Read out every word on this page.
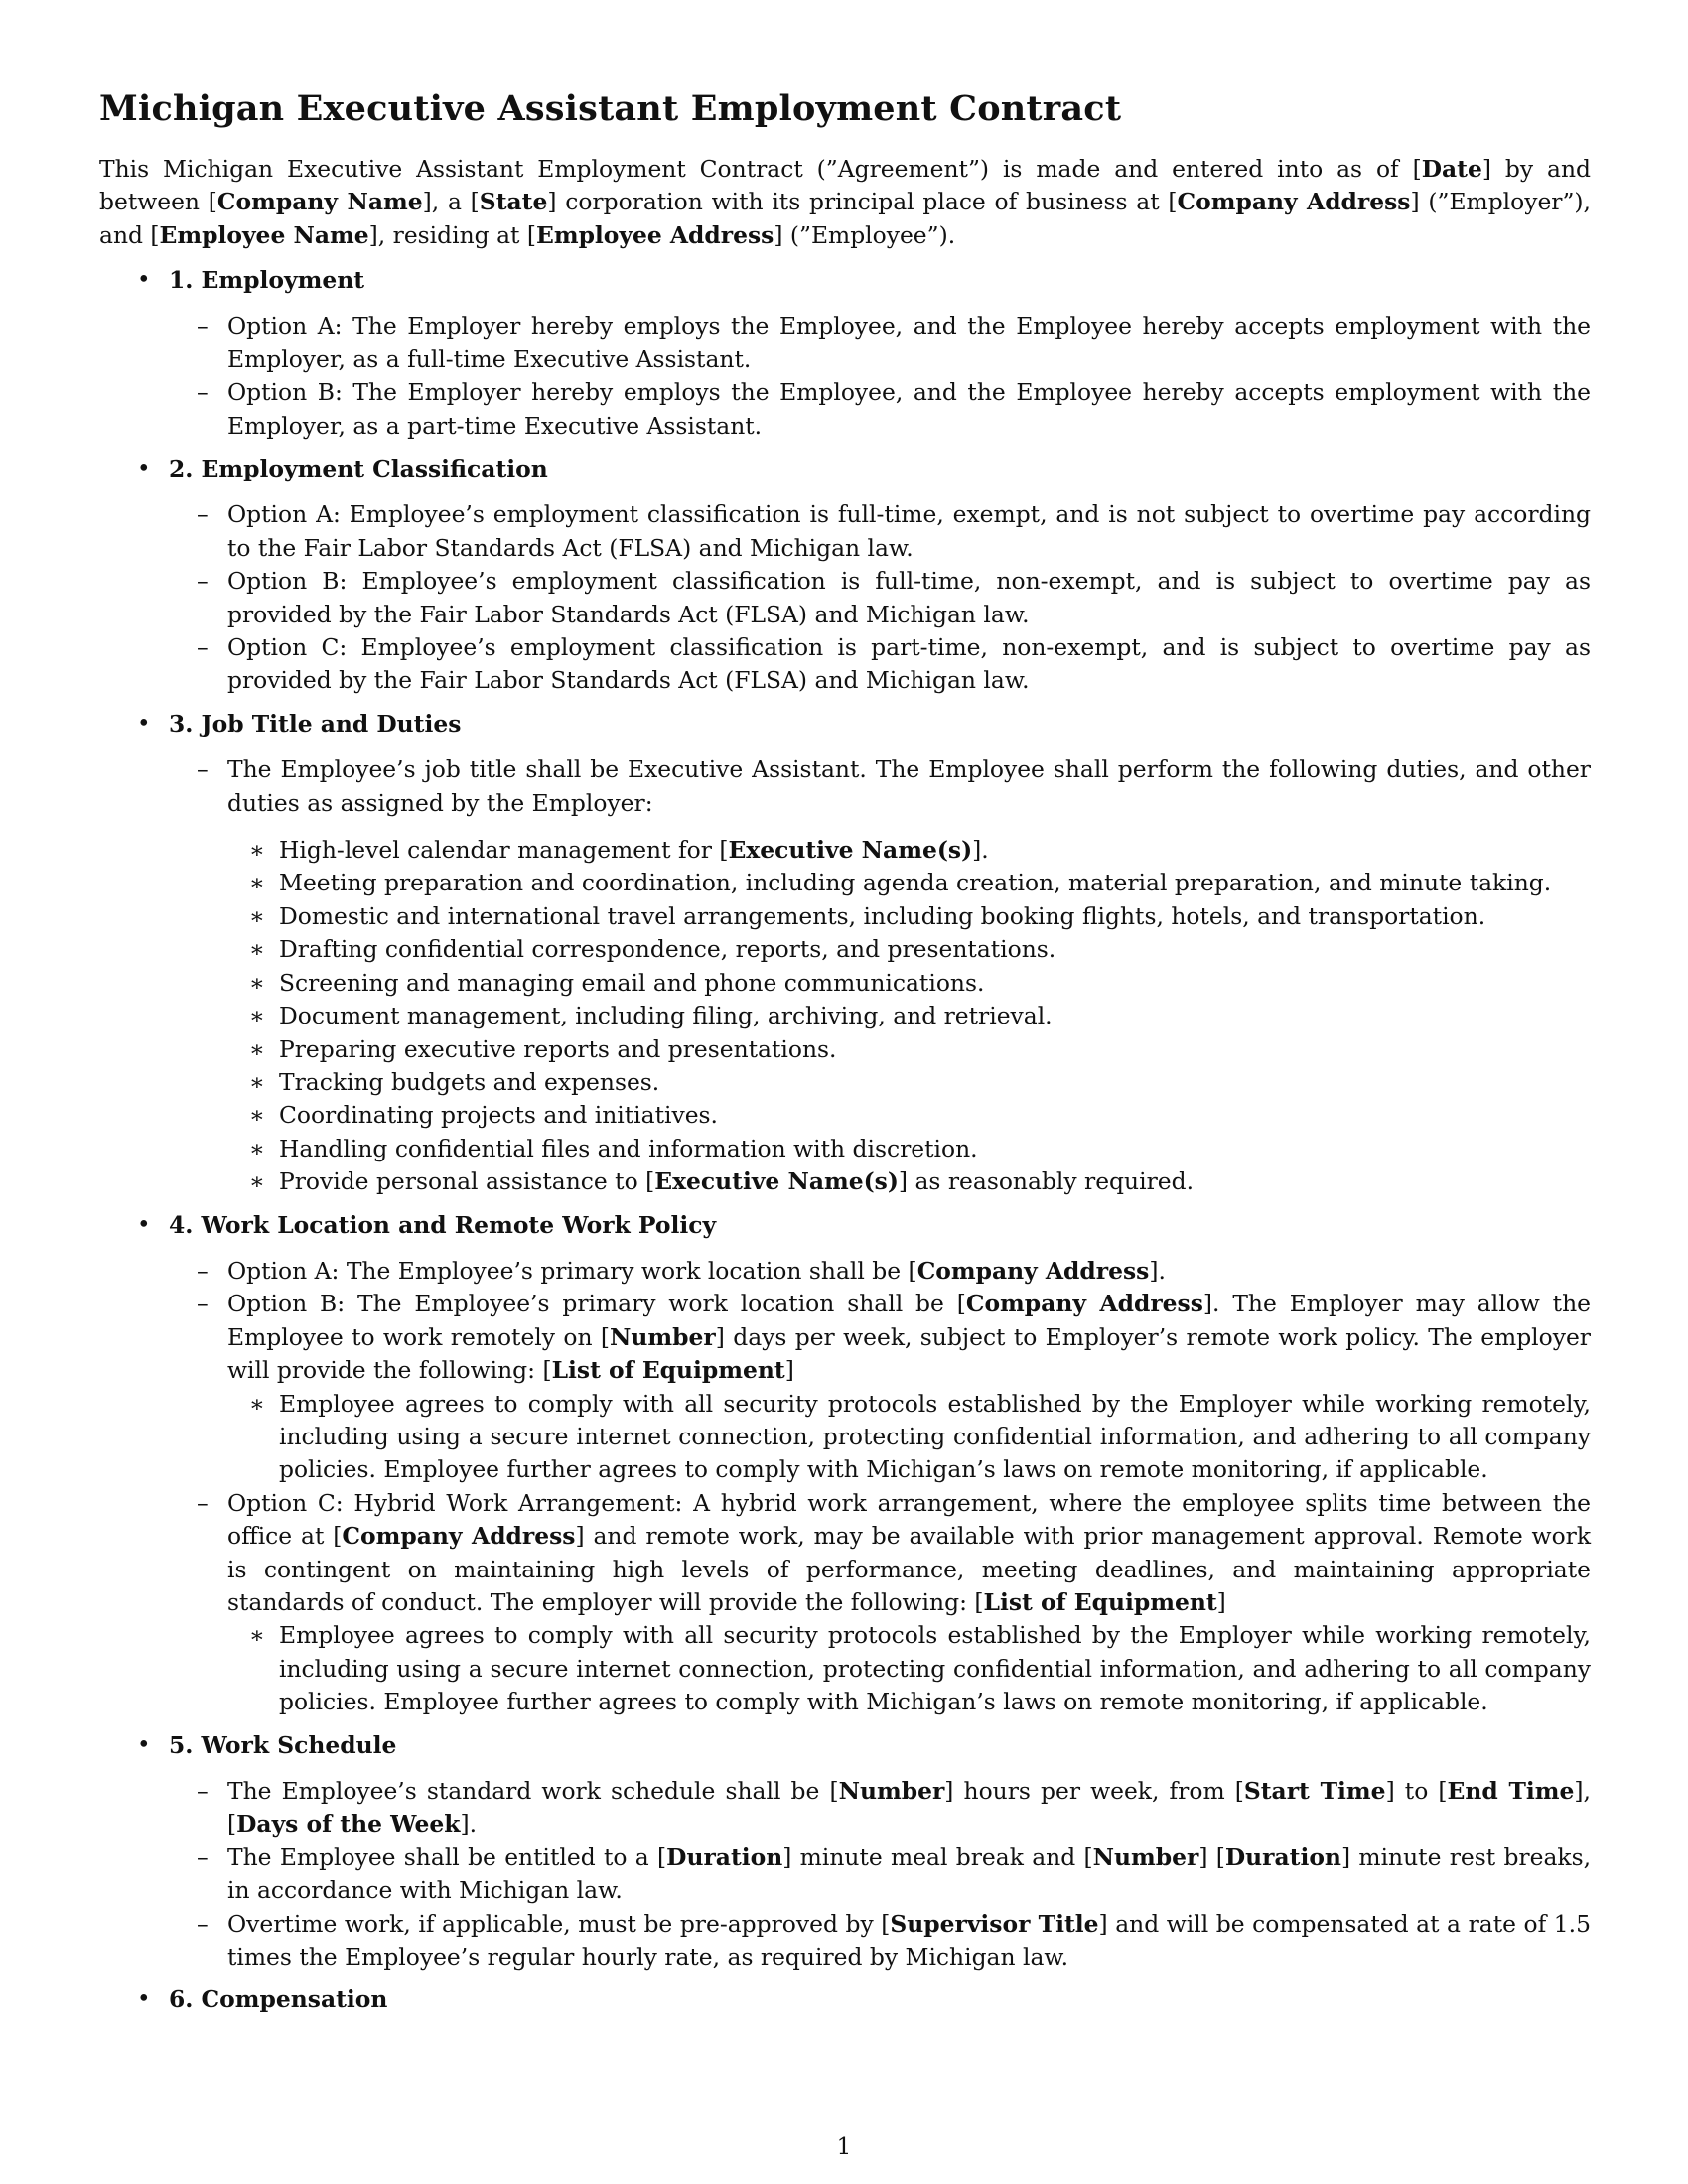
Michigan Executive Assistant Employment Contract

This Michigan Executive Assistant Employment Contract (”Agreement”) is made and entered into as of [Date] by and between [Company Name], a [State] corporation with its principal place of business at [Company Address] (”Employer”), and [Employee Name], residing at [Employee Address] (”Employee”).

• 1. Employment
– Option A: The Employer hereby employs the Employee, and the Employee hereby accepts employment with the Employer, as a full-time Executive Assistant.
– Option B: The Employer hereby employs the Employee, and the Employee hereby accepts employment with the Employer, as a part-time Executive Assistant.
• 2. Employment Classification
– Option A: Employee’s employment classification is full-time, exempt, and is not subject to overtime pay according to the Fair Labor Standards Act (FLSA) and Michigan law.
– Option B: Employee’s employment classification is full-time, non-exempt, and is subject to overtime pay as provided by the Fair Labor Standards Act (FLSA) and Michigan law.
– Option C: Employee’s employment classification is part-time, non-exempt, and is subject to overtime pay as provided by the Fair Labor Standards Act (FLSA) and Michigan law.
• 3. Job Title and Duties
– The Employee’s job title shall be Executive Assistant. The Employee shall perform the following duties, and other duties as assigned by the Employer:
∗ High-level calendar management for [Executive Name(s)].
∗ Meeting preparation and coordination, including agenda creation, material preparation, and minute taking.
∗ Domestic and international travel arrangements, including booking flights, hotels, and transportation.
∗ Drafting confidential correspondence, reports, and presentations.
∗ Screening and managing email and phone communications.
∗ Document management, including filing, archiving, and retrieval.
∗ Preparing executive reports and presentations.
∗ Tracking budgets and expenses.
∗ Coordinating projects and initiatives.
∗ Handling confidential files and information with discretion.
∗ Provide personal assistance to [Executive Name(s)] as reasonably required.
• 4. Work Location and Remote Work Policy
– Option A: The Employee’s primary work location shall be [Company Address].
– Option B: The Employee’s primary work location shall be [Company Address]. The Employer may allow the Employee to work remotely on [Number] days per week, subject to Employer’s remote work policy. The employer will provide the following: [List of Equipment]
∗ Employee agrees to comply with all security protocols established by the Employer while working remotely, including using a secure internet connection, protecting confidential information, and adhering to all company policies. Employee further agrees to comply with Michigan’s laws on remote monitoring, if applicable.
– Option C: Hybrid Work Arrangement: A hybrid work arrangement, where the employee splits time between the office at [Company Address] and remote work, may be available with prior management approval. Remote work is contingent on maintaining high levels of performance, meeting deadlines, and maintaining appropriate standards of conduct. The employer will provide the following: [List of Equipment]
∗ Employee agrees to comply with all security protocols established by the Employer while working remotely, including using a secure internet connection, protecting confidential information, and adhering to all company policies. Employee further agrees to comply with Michigan’s laws on remote monitoring, if applicable.
• 5. Work Schedule
– The Employee’s standard work schedule shall be [Number] hours per week, from [Start Time] to [End Time], [Days of the Week].
– The Employee shall be entitled to a [Duration] minute meal break and [Number] [Duration] minute rest breaks, in accordance with Michigan law.
– Overtime work, if applicable, must be pre-approved by [Supervisor Title] and will be compensated at a rate of 1.5 times the Employee’s regular hourly rate, as required by Michigan law.
• 6. Compensation
1
